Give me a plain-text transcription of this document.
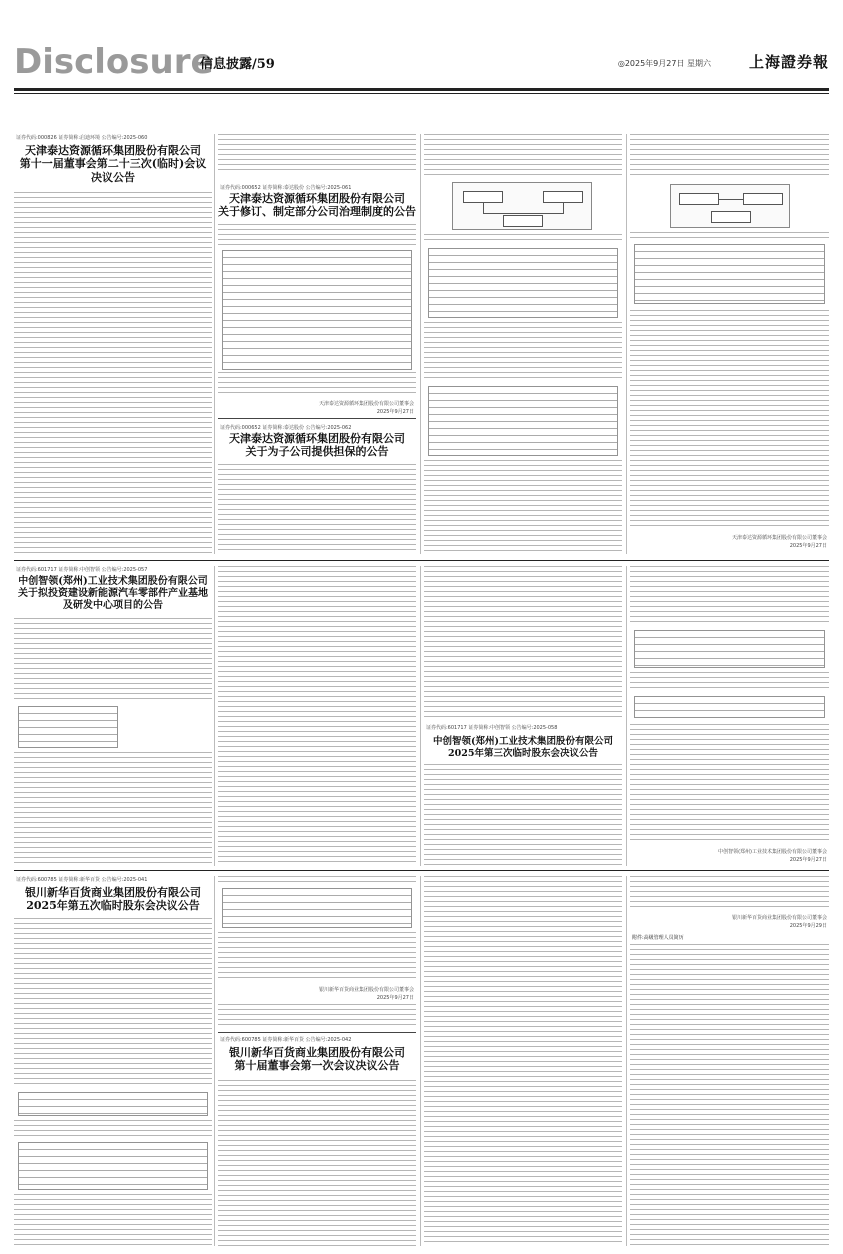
Disclosure
信息披露/59	◎2025年9月27日 星期六	上海證券報
证券代码:000826 证券简称:启迪环境 公告编号:2025-060
天津泰达资源循环集团股份有限公司
第十一届董事会第二十三次(临时)会议
决议公告
证券代码:000652 证券简称:泰达股份 公告编号:2025-061
天津泰达资源循环集团股份有限公司
关于修订、制定部分公司治理制度的公告
天津泰达资源循环集团股份有限公司董事会
2025年9月27日
证券代码:000652 证券简称:泰达股份 公告编号:2025-062
天津泰达资源循环集团股份有限公司
关于为子公司提供担保的公告
天津泰达资源循环集团股份有限公司董事会
2025年9月27日
证券代码:601717 证券简称:中创智领 公告编号:2025-057
中创智领(郑州)工业技术集团股份有限公司
关于拟投资建设新能源汽车零部件产业基地
及研发中心项目的公告
证券代码:601717 证券简称:中创智领 公告编号:2025-058
中创智领(郑州)工业技术集团股份有限公司
2025年第三次临时股东会决议公告
中创智领(郑州)工业技术集团股份有限公司董事会
2025年9月27日
证券代码:600785 证券简称:新华百货 公告编号:2025-041
银川新华百货商业集团股份有限公司
2025年第五次临时股东会决议公告
银川新华百货商业集团股份有限公司董事会
2025年9月27日
证券代码:600785 证券简称:新华百货 公告编号:2025-042
银川新华百货商业集团股份有限公司
第十届董事会第一次会议决议公告
银川新华百货商业集团股份有限公司董事会
2025年9月29日
附件:高级管理人员简历
